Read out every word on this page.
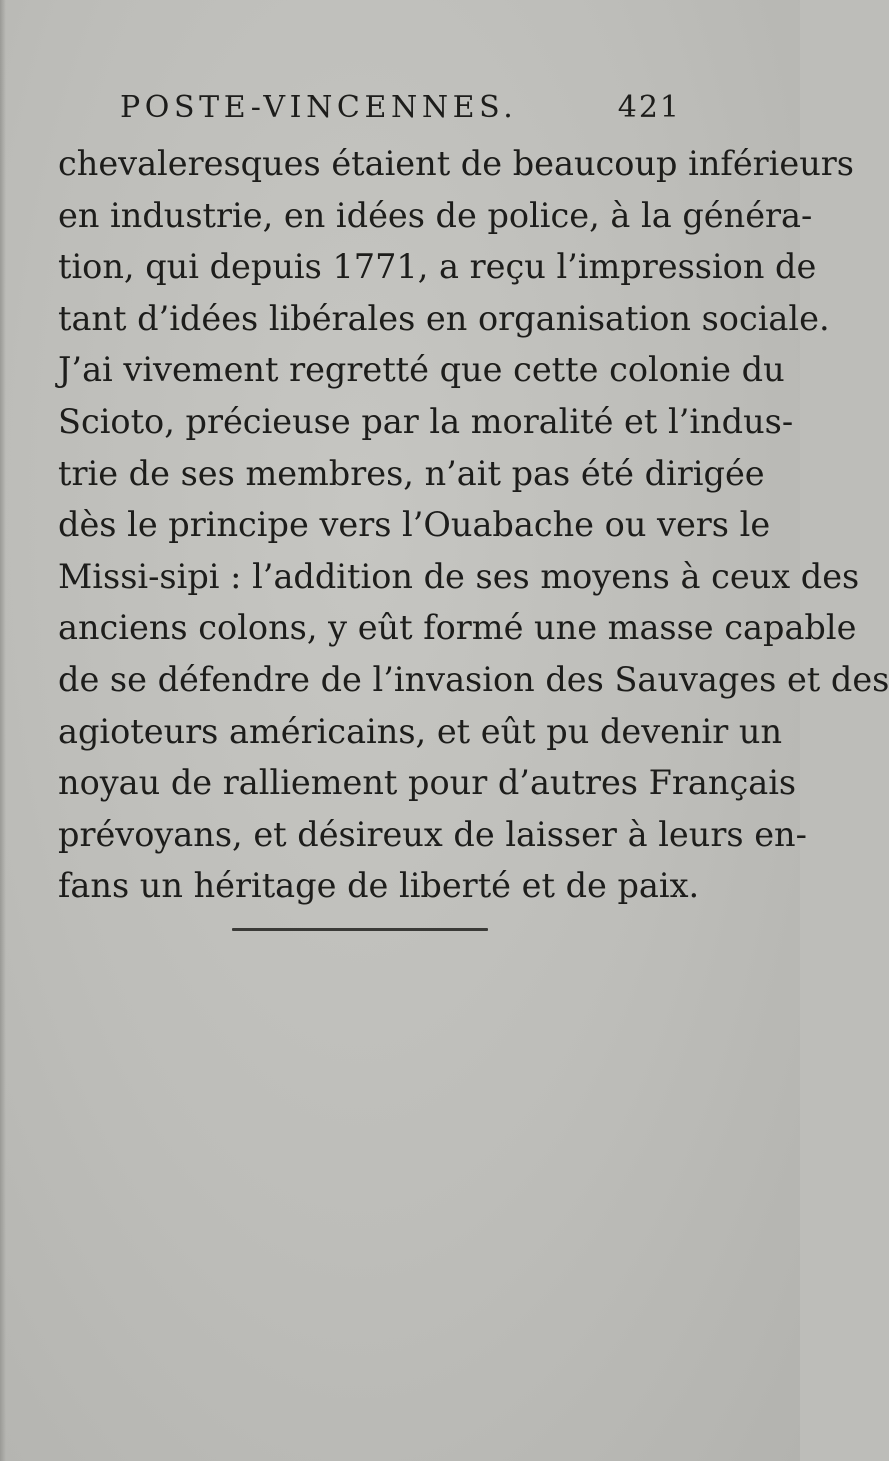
POSTE-VINCENNES.	421
chevaleresques étaient de beaucoup inférieurs
en industrie, en idées de police, à la généra-
tion, qui depuis 1771, a reçu l’impression de
tant d’idées libérales en organisation sociale.
J’ai vivement regretté que cette colonie du
Scioto, précieuse par la moralité et l’indus-
trie de ses membres, n’ait pas été dirigée
dès le principe vers l’Ouabache ou vers le
Missi-sipi : l’addition de ses moyens à ceux des
anciens colons, y eût formé une masse capable
de se défendre de l’invasion des Sauvages et des
agioteurs américains, et eût pu devenir un
noyau de ralliement pour d’autres Français
prévoyans, et désireux de laisser à leurs en-
fans un héritage de liberté et de paix.
